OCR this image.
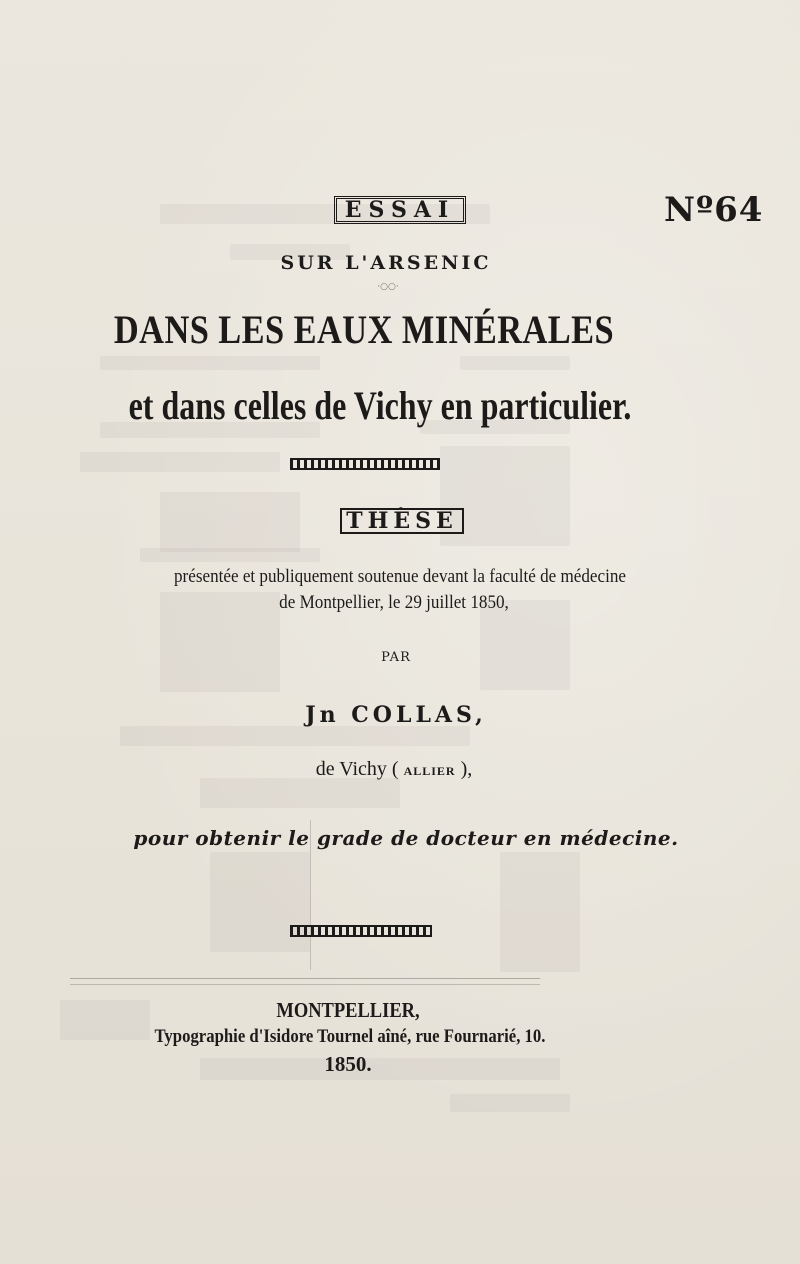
Nº64
ESSAI
SUR L'ARSENIC
·○○·
DANS LES EAUX MINÉRALES
et dans celles de Vichy en particulier.
THÈSE
présentée et publiquement soutenue devant la faculté de médecine
de Montpellier, le 29 juillet 1850,
PAR
Jn COLLAS,
de Vichy ( ALLIER ),
pour obtenir le grade de docteur en médecine.
MONTPELLIER,
Typographie d'Isidore Tournel aîné, rue Fournarié, 10.
1850.
